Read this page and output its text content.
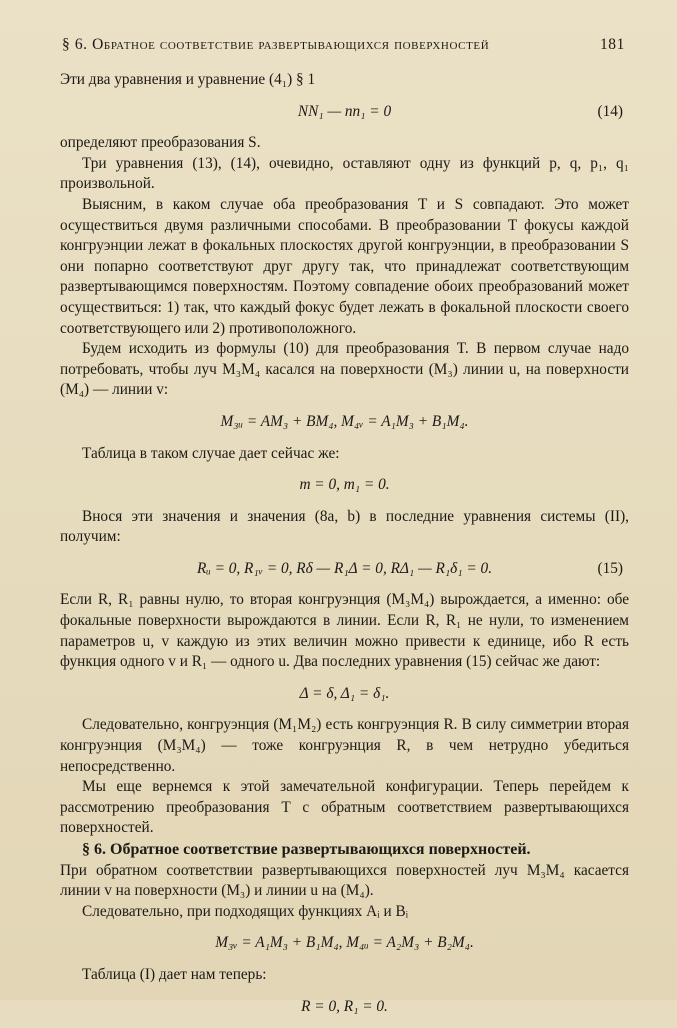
§ 6. Обратное соответствие развертывающихся поверхностей	181

Эти два уравнения и уравнение (4₁) § 1

NN₁ — nn₁ = 0	(14)

определяют преобразования S.

Три уравнения (13), (14), очевидно, оставляют одну из функций p, q, p₁, q₁ произвольной.

Выясним, в каком случае оба преобразования T и S совпадают. Это может осуществиться двумя различными способами. В преобразовании T фокусы каждой конгруэнции лежат в фокальных плоскостях другой конгруэнции, в преобразовании S они попарно соответствуют друг другу так, что принадлежат соответствующим развертывающимся поверхностям. Поэтому совпадение обоих преобразований может осуществиться: 1) так, что каждый фокус будет лежать в фокальной плоскости своего соответствующего или 2) противоположного.

Будем исходить из формулы (10) для преобразования T. В первом случае надо потребовать, чтобы луч M₃M₄ касался на поверхности (M₃) линии u, на поверхности (M₄) — линии v:

M₃ᵤ = AM₃ + BM₄, M₄ᵥ = A₁M₃ + B₁M₄.

Таблица в таком случае дает сейчас же:

m = 0, m₁ = 0.

Внося эти значения и значения (8a, b) в последние уравнения системы (II), получим:

Rᵤ = 0, R₁ᵥ = 0, Rδ — R₁Δ = 0, RΔ₁ — R₁δ₁ = 0.	(15)

Если R, R₁ равны нулю, то вторая конгруэнция (M₃M₄) вырождается, а именно: обе фокальные поверхности вырождаются в линии. Если R, R₁ не нули, то изменением параметров u, v каждую из этих величин можно привести к единице, ибо R есть функция одного v и R₁ — одного u. Два последних уравнения (15) сейчас же дают:

Δ = δ, Δ₁ = δ₁.

Следовательно, конгруэнция (M₁M₂) есть конгруэнция R. В силу симметрии вторая конгруэнция (M₃M₄) — тоже конгруэнция R, в чем нетрудно убедиться непосредственно.

Мы еще вернемся к этой замечательной конфигурации. Теперь перейдем к рассмотрению преобразования T с обратным соответствием развертывающихся поверхностей.

§ 6. Обратное соответствие развертывающихся поверхностей.

При обратном соответствии развертывающихся поверхностей луч M₃M₄ касается линии v на поверхности (M₃) и линии u на (M₄).

Следовательно, при подходящих функциях Aᵢ и Bᵢ

M₃ᵥ = A₁M₃ + B₁M₄, M₄ᵤ = A₂M₃ + B₂M₄.

Таблица (I) дает нам теперь:

R = 0, R₁ = 0.
